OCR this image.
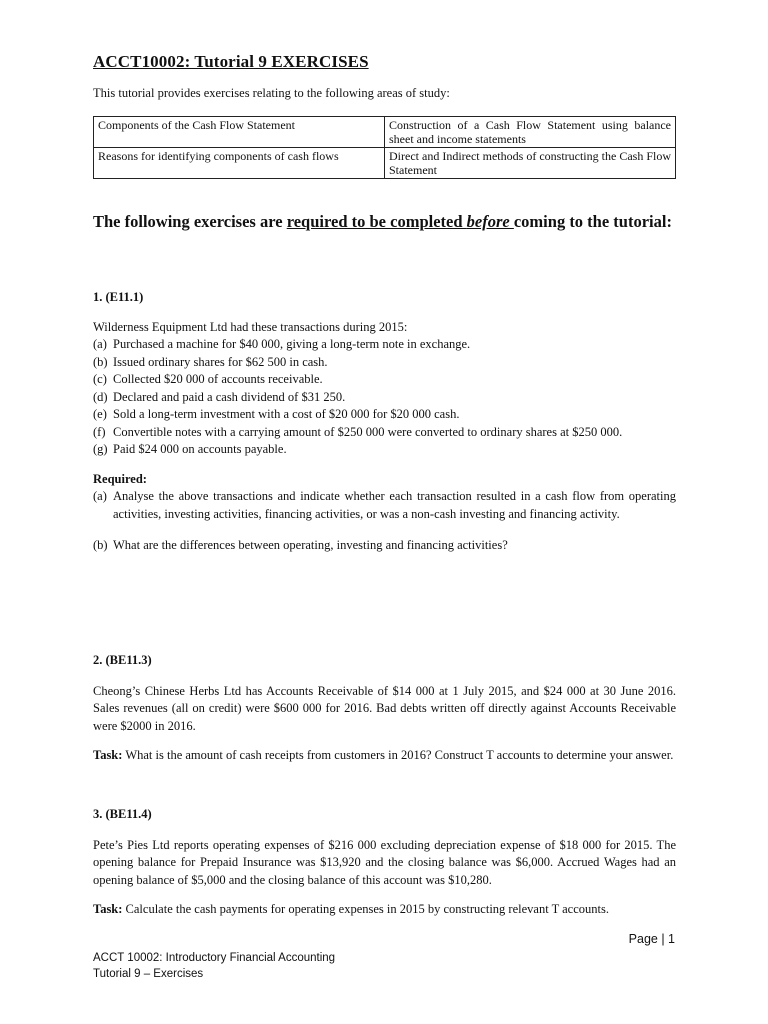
ACCT10002: Tutorial 9 EXERCISES
This tutorial provides exercises relating to the following areas of study:
Components of the Cash Flow Statement	Construction of a Cash Flow Statement using balance sheet and income statements
Reasons for identifying components of cash flows	Direct and Indirect methods of constructing the Cash Flow Statement
The following exercises are required to be completed before coming to the tutorial:
1. (E11.1)

Wilderness Equipment Ltd had these transactions during 2015:

(a) Purchased a machine for $40 000, giving a long-term note in exchange.
(b) Issued ordinary shares for $62 500 in cash.
(c) Collected $20 000 of accounts receivable.
(d) Declared and paid a cash dividend of $31 250.
(e) Sold a long-term investment with a cost of $20 000 for $20 000 cash.
(f) Convertible notes with a carrying amount of $250 000 were converted to ordinary shares at $250 000.
(g) Paid $24 000 on accounts payable.
Required:
(a) Analyse the above transactions and indicate whether each transaction resulted in a cash flow from operating activities, investing activities, financing activities, or was a non-cash investing and financing activity.
(b) What are the differences between operating, investing and financing activities?
2. (BE11.3)

Cheong’s Chinese Herbs Ltd has Accounts Receivable of $14 000 at 1 July 2015, and $24 000 at 30 June 2016. Sales revenues (all on credit) were $600 000 for 2016. Bad debts written off directly against Accounts Receivable were $2000 in 2016.

Task: What is the amount of cash receipts from customers in 2016? Construct T accounts to determine your answer.

3. (BE11.4)

Pete’s Pies Ltd reports operating expenses of $216 000 excluding depreciation expense of $18 000 for 2015. The opening balance for Prepaid Insurance was $13,920 and the closing balance was $6,000. Accrued Wages had an opening balance of $5,000 and the closing balance of this account was $10,280.

Task: Calculate the cash payments for operating expenses in 2015 by constructing relevant T accounts.

Page | 1
ACCT 10002: Introductory Financial Accounting
Tutorial 9 – Exercises
